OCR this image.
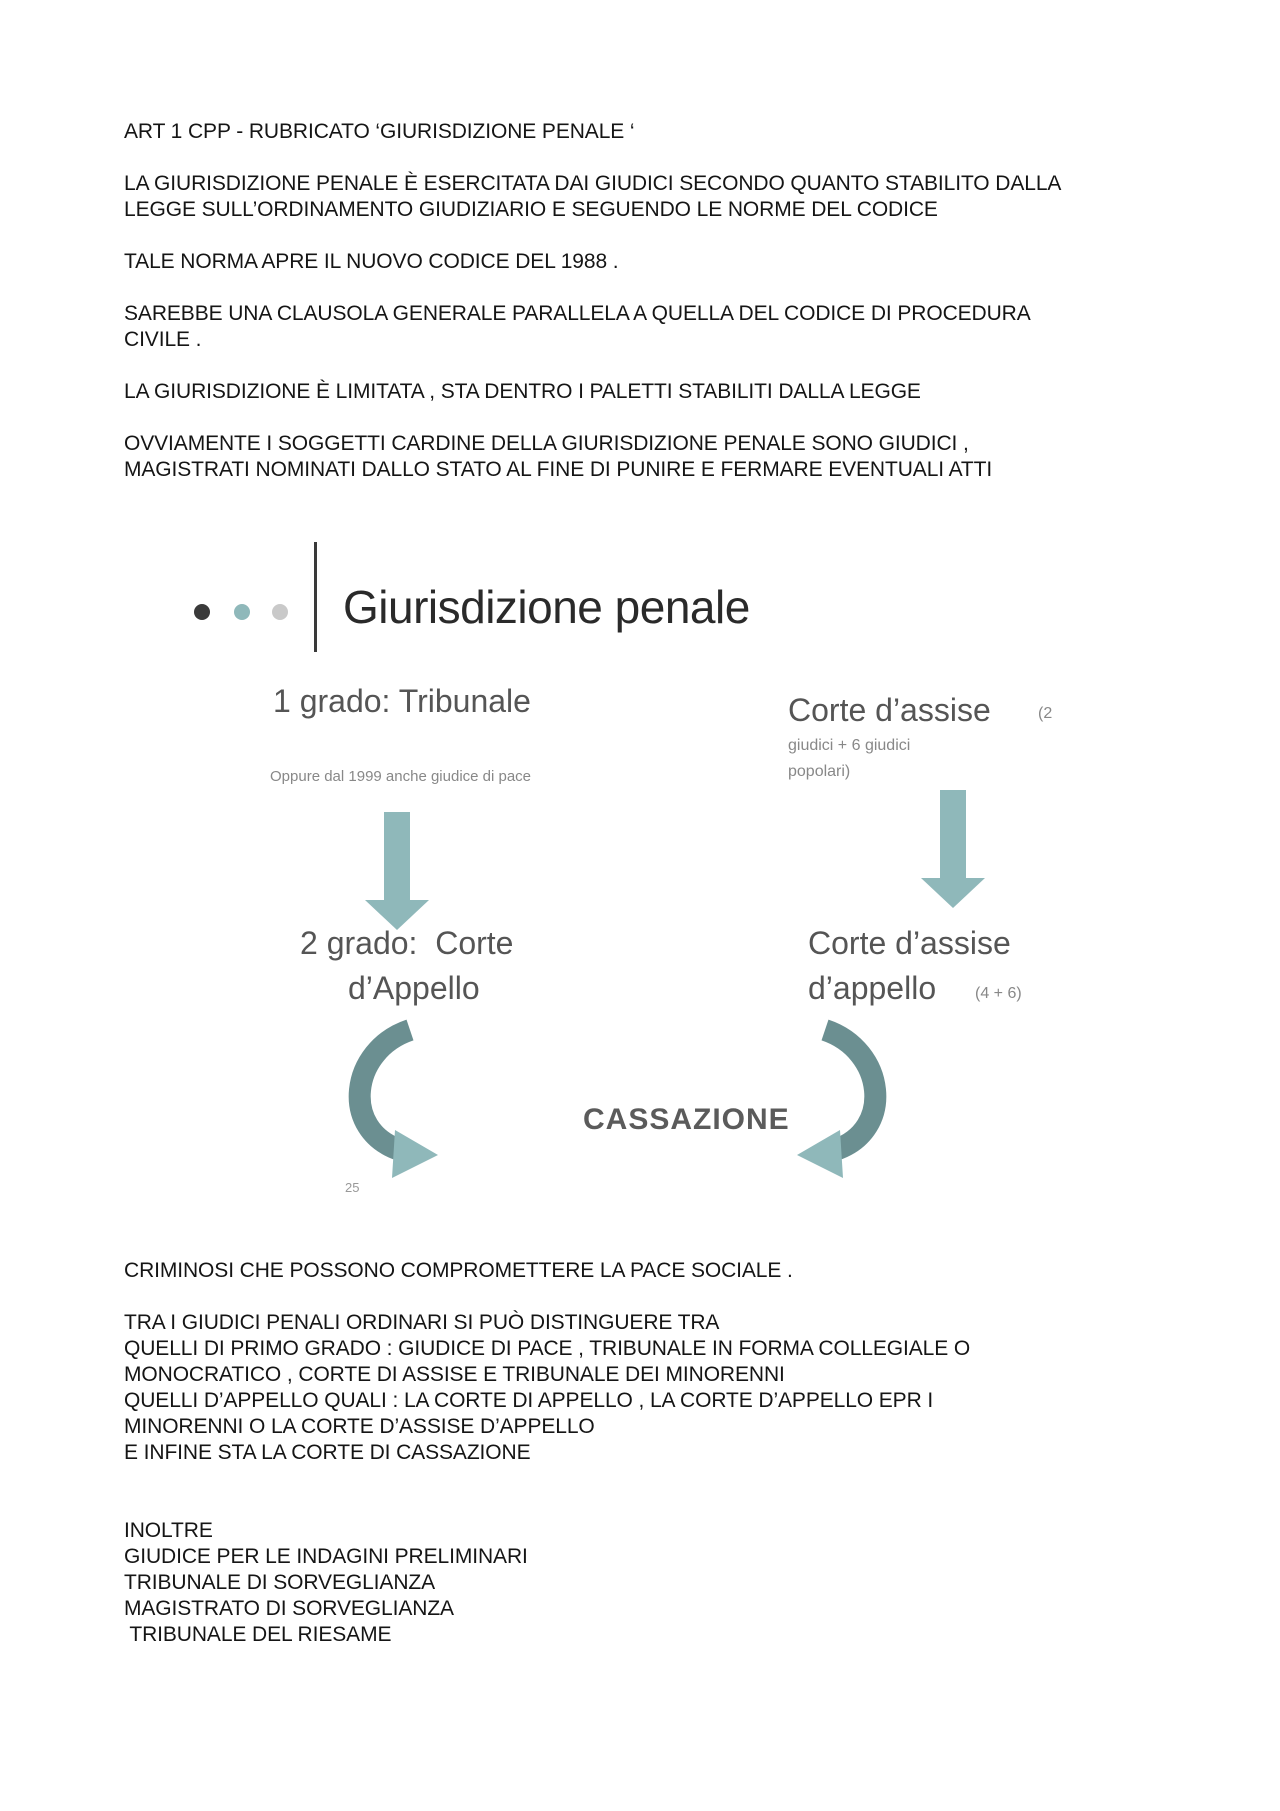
ART 1 CPP - RUBRICATO ‘GIURISDIZIONE PENALE ‘

LA GIURISDIZIONE PENALE È ESERCITATA DAI GIUDICI SECONDO QUANTO STABILITO DALLA
LEGGE SULL’ORDINAMENTO GIUDIZIARIO E SEGUENDO LE NORME DEL CODICE

TALE NORMA APRE IL NUOVO CODICE DEL 1988 .

SAREBBE UNA CLAUSOLA GENERALE PARALLELA A QUELLA DEL CODICE DI PROCEDURA
CIVILE .

LA GIURISDIZIONE È LIMITATA , STA DENTRO I PALETTI STABILITI DALLA LEGGE

OVVIAMENTE I SOGGETTI CARDINE DELLA GIURISDIZIONE PENALE SONO GIUDICI ,
MAGISTRATI NOMINATI DALLO STATO AL FINE DI PUNIRE E FERMARE EVENTUALI ATTI

Giurisdizione penale
1 grado: Tribunale
Oppure dal 1999 anche giudice di pace
Corte d’assise	(2
giudici + 6 giudici
popolari)
2 grado:  Corte
d’Appello
Corte d’assise
d’appello (4 + 6)
CASSAZIONE
25

CRIMINOSI CHE POSSONO COMPROMETTERE LA PACE SOCIALE .

TRA I GIUDICI PENALI ORDINARI SI PUÒ DISTINGUERE TRA
QUELLI DI PRIMO GRADO : GIUDICE DI PACE , TRIBUNALE IN FORMA COLLEGIALE O
MONOCRATICO , CORTE DI ASSISE E TRIBUNALE DEI MINORENNI
QUELLI D’APPELLO QUALI : LA CORTE DI APPELLO , LA CORTE D’APPELLO EPR I
MINORENNI O LA CORTE D’ASSISE D’APPELLO
E INFINE STA LA CORTE DI CASSAZIONE

INOLTRE
GIUDICE PER LE INDAGINI PRELIMINARI
TRIBUNALE DI SORVEGLIANZA
MAGISTRATO DI SORVEGLIANZA
TRIBUNALE DEL RIESAME
